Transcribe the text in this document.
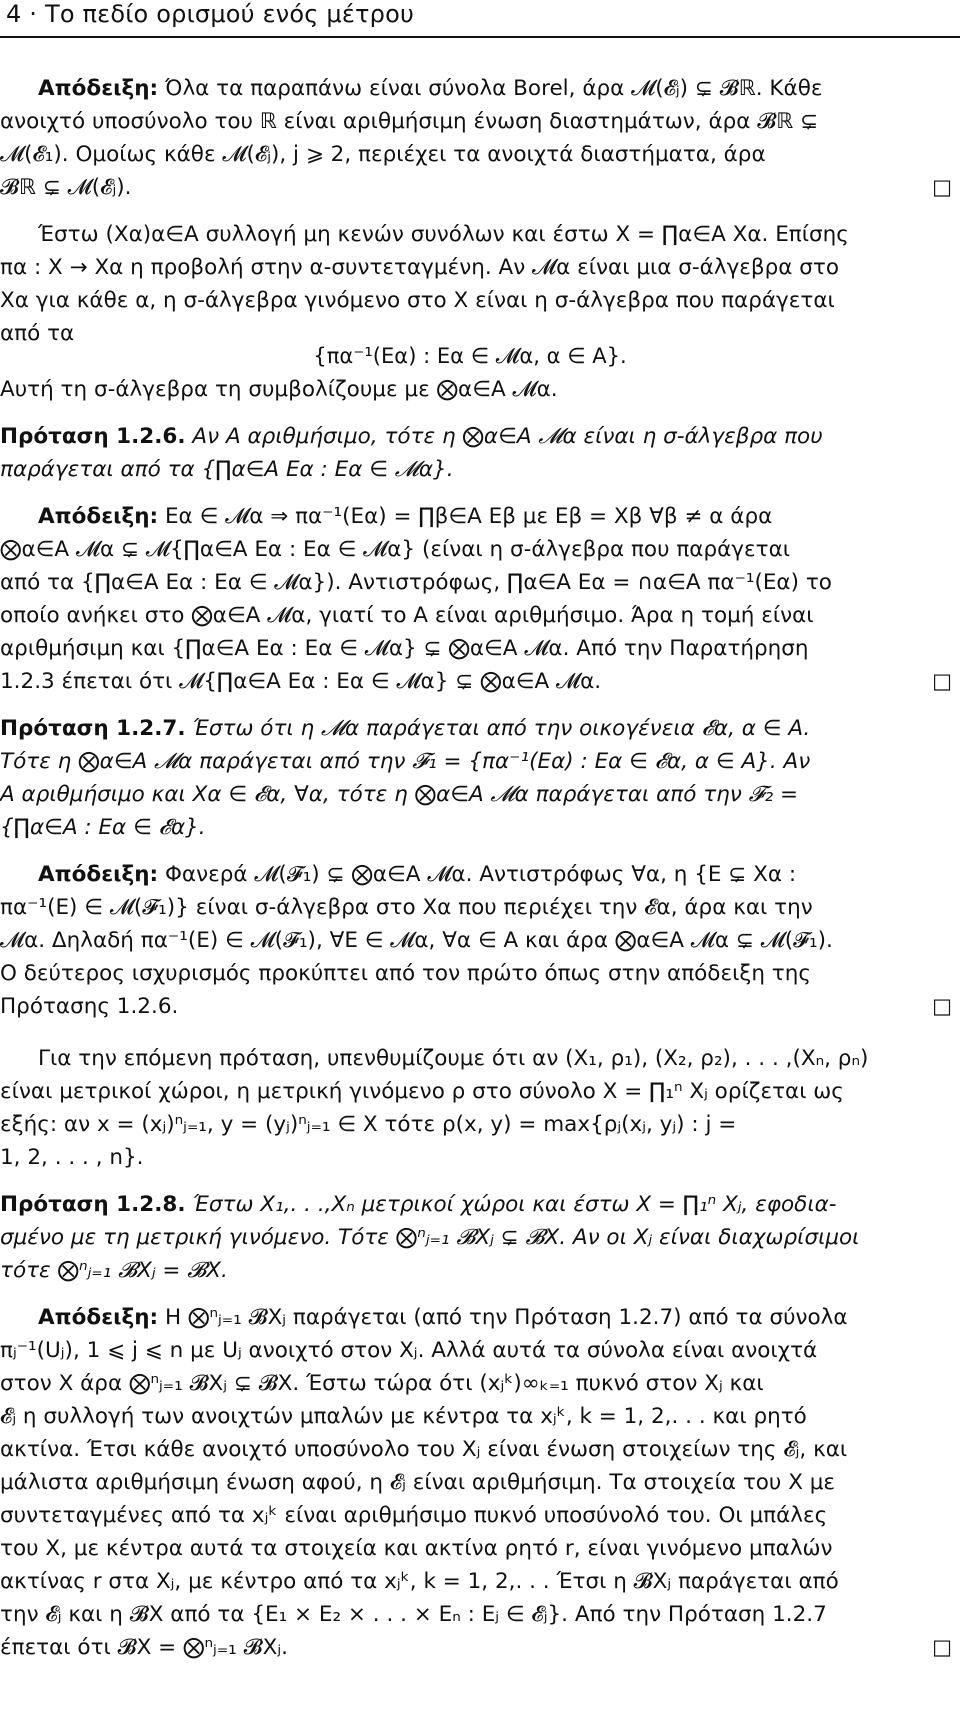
4 · Το πεδίο ορισμού ενός μέτρου
Απόδειξη: Όλα τα παραπάνω είναι σύνολα Borel, άρα 𝓜(𝓔ⱼ) ⊊ 𝓑ℝ. Κάθε
ανοιχτό υποσύνολο του ℝ είναι αριθμήσιμη ένωση διαστημάτων, άρα 𝓑ℝ ⊊
𝓜(𝓔₁). Ομοίως κάθε 𝓜(𝓔ⱼ), j ⩾ 2, περιέχει τα ανοιχτά διαστήματα, άρα
𝓑ℝ ⊊ 𝓜(𝓔ⱼ).	□
Έστω (Xα)α∈A συλλογή μη κενών συνόλων και έστω X = ∏α∈A Xα. Επίσης
πα : X → Xα η προβολή στην α-συντεταγμένη. Αν 𝓜α είναι μια σ-άλγεβρα στο
Xα για κάθε α, η σ-άλγεβρα γινόμενο στο X είναι η σ-άλγεβρα που παράγεται
από τα
{πα⁻¹(Eα) : Eα ∈ 𝓜α, α ∈ A}.
Αυτή τη σ-άλγεβρα τη συμβολίζουμε με ⨂α∈A 𝓜α.
Πρόταση 1.2.6. Αν A αριθμήσιμο, τότε η ⨂α∈A 𝓜α είναι η σ-άλγεβρα που
παράγεται από τα {∏α∈A Eα : Eα ∈ 𝓜α}.
Απόδειξη: Eα ∈ 𝓜α ⇒ πα⁻¹(Eα) = ∏β∈A Eβ με Eβ = Xβ ∀β ≠ α άρα
⨂α∈A 𝓜α ⊊ 𝓜{∏α∈A Eα : Eα ∈ 𝓜α} (είναι η σ-άλγεβρα που παράγεται
από τα {∏α∈A Eα : Eα ∈ 𝓜α}). Αντιστρόφως, ∏α∈A Eα = ∩α∈A πα⁻¹(Eα) το
οποίο ανήκει στο ⨂α∈A 𝓜α, γιατί το A είναι αριθμήσιμο. Άρα η τομή είναι
αριθμήσιμη και {∏α∈A Eα : Eα ∈ 𝓜α} ⊊ ⨂α∈A 𝓜α. Από την Παρατήρηση
1.2.3 έπεται ότι 𝓜{∏α∈A Eα : Eα ∈ 𝓜α} ⊊ ⨂α∈A 𝓜α.	□
Πρόταση 1.2.7. Έστω ότι η 𝓜α παράγεται από την οικογένεια 𝓔α, α ∈ A.
Τότε η ⨂α∈A 𝓜α παράγεται από την 𝓕₁ = {πα⁻¹(Eα) : Eα ∈ 𝓔α, α ∈ A}. Αν
A αριθμήσιμο και Xα ∈ 𝓔α, ∀α, τότε η ⨂α∈A 𝓜α παράγεται από την 𝓕₂ =
{∏α∈A : Eα ∈ 𝓔α}.
Απόδειξη: Φανερά 𝓜(𝓕₁) ⊊ ⨂α∈A 𝓜α. Αντιστρόφως ∀α, η {E ⊊ Xα :
πα⁻¹(E) ∈ 𝓜(𝓕₁)} είναι σ-άλγεβρα στο Xα που περιέχει την 𝓔α, άρα και την
𝓜α. Δηλαδή πα⁻¹(E) ∈ 𝓜(𝓕₁), ∀E ∈ 𝓜α, ∀α ∈ A και άρα ⨂α∈A 𝓜α ⊊ 𝓜(𝓕₁).
Ο δεύτερος ισχυρισμός προκύπτει από τον πρώτο όπως στην απόδειξη της
Πρότασης 1.2.6.	□
Για την επόμενη πρόταση, υπενθυμίζουμε ότι αν (X₁, ρ₁), (X₂, ρ₂), . . . ,(Xₙ, ρₙ)
είναι μετρικοί χώροι, η μετρική γινόμενο ρ στο σύνολο X = ∏₁ⁿ Xⱼ ορίζεται ως
εξής: αν x = (xⱼ)ⁿⱼ₌₁, y = (yⱼ)ⁿⱼ₌₁ ∈ X τότε ρ(x, y) = max{ρⱼ(xⱼ, yⱼ) : j =
1, 2, . . . , n}.
Πρόταση 1.2.8. Έστω X₁,. . .,Xₙ μετρικοί χώροι και έστω X = ∏₁ⁿ Xⱼ, εφοδια-
σμένο με τη μετρική γινόμενο. Τότε ⨂ⁿⱼ₌₁ 𝓑Xⱼ ⊊ 𝓑X. Αν οι Xⱼ είναι διαχωρίσιμοι
τότε ⨂ⁿⱼ₌₁ 𝓑Xⱼ = 𝓑X.
Απόδειξη: Η ⨂ⁿⱼ₌₁ 𝓑Xⱼ παράγεται (από την Πρόταση 1.2.7) από τα σύνολα
πⱼ⁻¹(Uⱼ), 1 ⩽ j ⩽ n με Uⱼ ανοιχτό στον Xⱼ. Αλλά αυτά τα σύνολα είναι ανοιχτά
στον X άρα ⨂ⁿⱼ₌₁ 𝓑Xⱼ ⊊ 𝓑X. Έστω τώρα ότι (xⱼᵏ)∞ₖ₌₁ πυκνό στον Xⱼ και
𝓔ⱼ η συλλογή των ανοιχτών μπαλών με κέντρα τα xⱼᵏ, k = 1, 2,. . . και ρητό
ακτίνα. Έτσι κάθε ανοιχτό υποσύνολο του Xⱼ είναι ένωση στοιχείων της 𝓔ⱼ, και
μάλιστα αριθμήσιμη ένωση αφού, η 𝓔ⱼ είναι αριθμήσιμη. Τα στοιχεία του X με
συντεταγμένες από τα xⱼᵏ είναι αριθμήσιμο πυκνό υποσύνολό του. Οι μπάλες
του X, με κέντρα αυτά τα στοιχεία και ακτίνα ρητό r, είναι γινόμενο μπαλών
ακτίνας r στα Xⱼ, με κέντρο από τα xⱼᵏ, k = 1, 2,. . . Έτσι η 𝓑Xⱼ παράγεται από
την 𝓔ⱼ και η 𝓑X από τα {E₁ × E₂ × . . . × Eₙ : Eⱼ ∈ 𝓔ⱼ}. Από την Πρόταση 1.2.7
έπεται ότι 𝓑X = ⨂ⁿⱼ₌₁ 𝓑Xⱼ.	□
